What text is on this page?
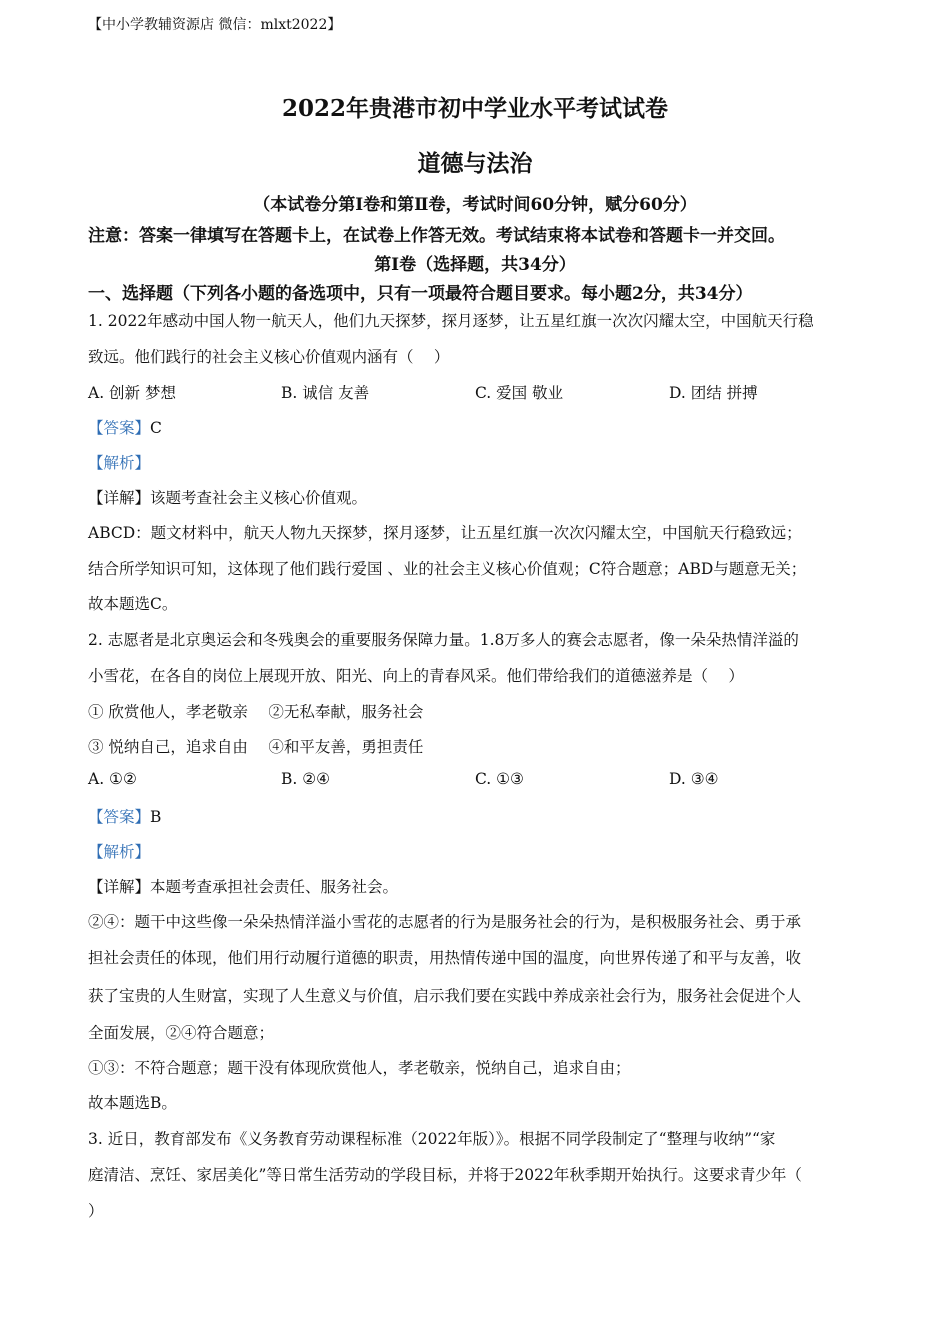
【中小学教辅资源店 微信：mlxt2022】
2022年贵港市初中学业水平考试试卷
道德与法治
（本试卷分第Ⅰ卷和第Ⅱ卷，考试时间60分钟，赋分60分）
注意：答案一律填写在答题卡上，在试卷上作答无效。考试结束将本试卷和答题卡一并交回。
第Ⅰ卷（选择题，共34分）
一、选择题（下列各小题的备选项中，只有一项最符合题目要求。每小题2分，共34分）
1. 2022年感动中国人物一航天人，他们九天探梦，探月逐梦，让五星红旗一次次闪耀太空，中国航天行稳
致远。他们践行的社会主义核心价值观内涵有（　 ）
A. 创新 梦想	B. 诚信 友善	C. 爱国 敬业	D. 团结 拼搏
【答案】C
【解析】
【详解】该题考查社会主义核心价值观。
ABCD：题文材料中，航天人物九天探梦，探月逐梦，让五星红旗一次次闪耀太空，中国航天行稳致远；
结合所学知识可知，这体现了他们践行爱国 、业的社会主义核心价值观；C符合题意；ABD与题意无关；
故本题选C。
2. 志愿者是北京奥运会和冬残奥会的重要服务保障力量。1.8万多人的赛会志愿者，像一朵朵热情洋溢的
小雪花，在各自的岗位上展现开放、阳光、向上的青春风采。他们带给我们的道德滋养是（　 ）
① 欣赏他人，孝老敬亲　 ②无私奉献，服务社会
③ 悦纳自己，追求自由　 ④和平友善，勇担责任
A. ①②	B. ②④	C. ①③	D. ③④
【答案】B
【解析】
【详解】本题考查承担社会责任、服务社会。
②④：题干中这些像一朵朵热情洋溢小雪花的志愿者的行为是服务社会的行为，是积极服务社会、勇于承
担社会责任的体现，他们用行动履行道德的职责，用热情传递中国的温度，向世界传递了和平与友善，收
获了宝贵的人生财富，实现了人生意义与价值，启示我们要在实践中养成亲社会行为，服务社会促进个人
全面发展，②④符合题意；
①③：不符合题意；题干没有体现欣赏他人，孝老敬亲，悦纳自己，追求自由；
故本题选B。
3. 近日，教育部发布《义务教育劳动课程标准（2022年版）》。根据不同学段制定了“整理与收纳”“家
庭清洁、烹饪、家居美化”等日常生活劳动的学段目标，并将于2022年秋季期开始执行。这要求青少年（
）
